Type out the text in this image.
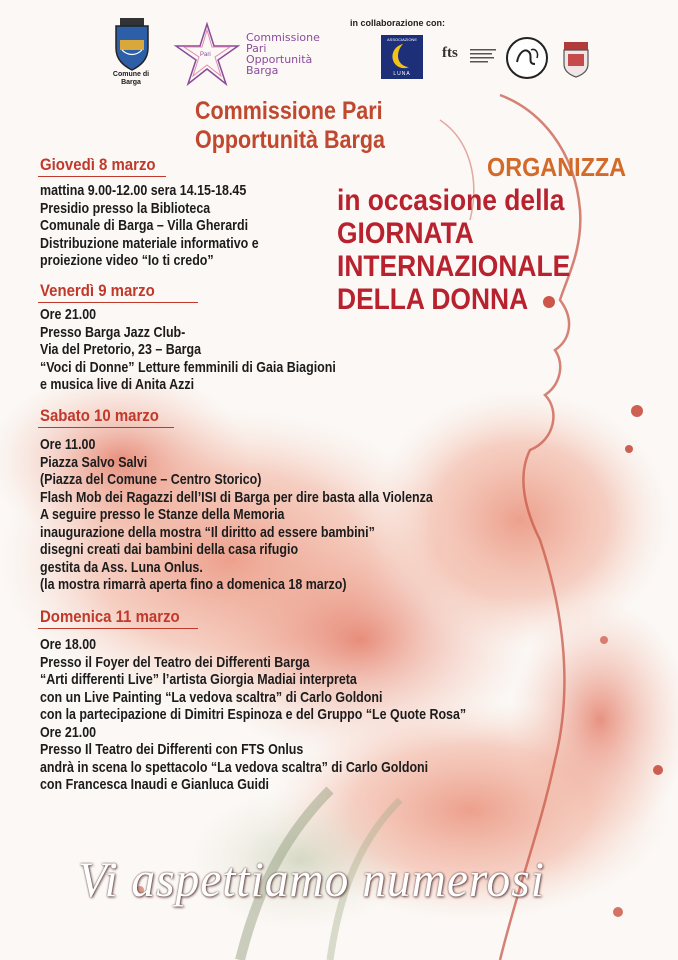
Comune di Barga
Pari
Commissione
Pari
Opportunità
Barga
in collaborazione con:
ASSOCIAZIONE
LUNA
fts
Commissione Pari
Opportunità Barga
ORGANIZZA
in occasione della
GIORNATA
INTERNAZIONALE
DELLA DONNA
Giovedì 8 marzo
mattina 9.00-12.00 sera 14.15-18.45
Presidio presso la Biblioteca
Comunale di Barga – Villa Gherardi
Distribuzione materiale informativo e
proiezione video “Io ti credo”
Venerdì 9 marzo
Ore 21.00
Presso Barga Jazz Club-
Via del Pretorio, 23 – Barga
“Voci di Donne” Letture femminili di Gaia Biagioni
e musica live di Anita Azzi
Sabato 10 marzo
Ore 11.00
Piazza Salvo Salvi
(Piazza del Comune – Centro Storico)
Flash Mob dei Ragazzi dell’ISI di Barga per dire basta alla Violenza
A seguire presso le Stanze della Memoria
inaugurazione della mostra “Il diritto ad essere bambini”
disegni creati dai bambini della casa rifugio
gestita da Ass. Luna Onlus.
(la mostra rimarrà aperta fino a domenica 18 marzo)
Domenica 11 marzo
Ore 18.00
Presso il Foyer del Teatro dei Differenti Barga
“Arti differenti Live” l’artista Giorgia Madiai interpreta
con un Live Painting “La vedova scaltra” di Carlo Goldoni
con la partecipazione di Dimitri Espinoza e del Gruppo “Le Quote Rosa”
Ore 21.00
Presso Il Teatro dei Differenti con FTS Onlus
andrà in scena lo spettacolo “La vedova scaltra” di Carlo Goldoni
con Francesca Inaudi e Gianluca Guidi
Vi aspettiamo numerosi
